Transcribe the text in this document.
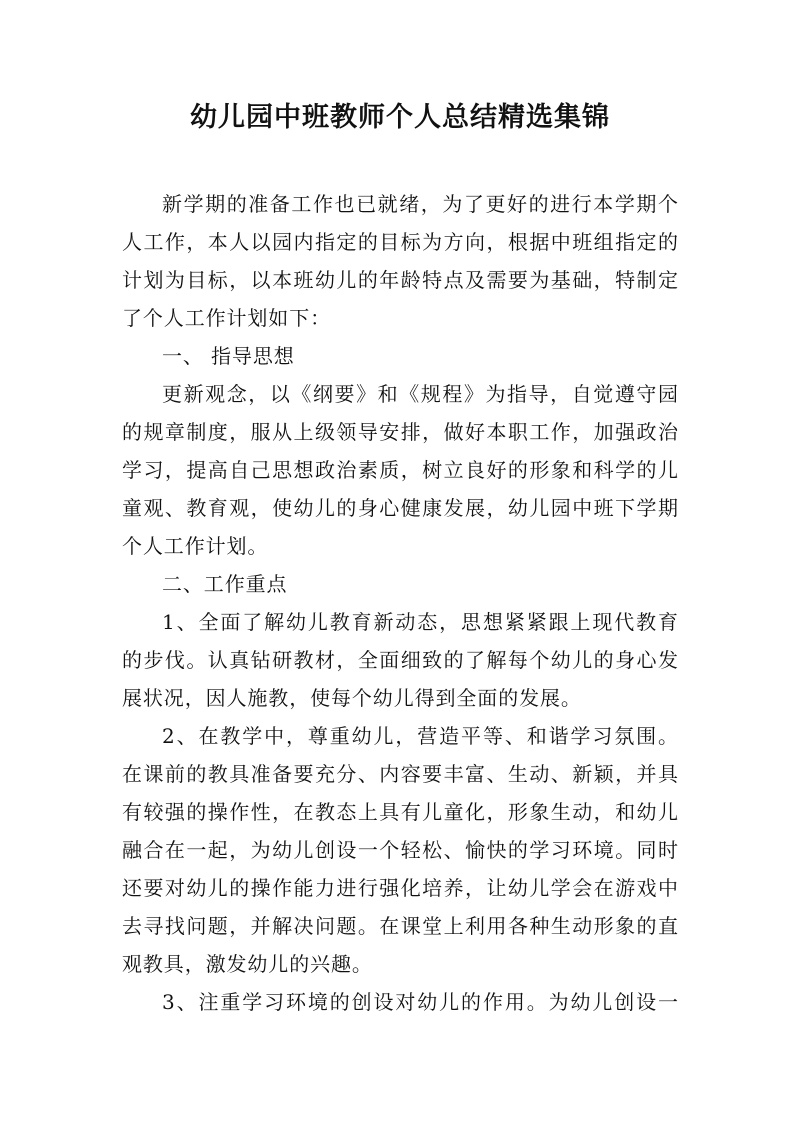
幼儿园中班教师个人总结精选集锦
新学期的准备工作也已就绪，为了更好的进行本学期个
人工作，本人以园内指定的目标为方向，根据中班组指定的
计划为目标，以本班幼儿的年龄特点及需要为基础，特制定
了个人工作计划如下：
一、 指导思想
更新观念，以《纲要》和《规程》为指导，自觉遵守园
的规章制度，服从上级领导安排，做好本职工作，加强政治
学习，提高自己思想政治素质，树立良好的形象和科学的儿
童观、教育观，使幼儿的身心健康发展，幼儿园中班下学期
个人工作计划。
二、工作重点
1、全面了解幼儿教育新动态，思想紧紧跟上现代教育
的步伐。认真钻研教材，全面细致的了解每个幼儿的身心发
展状况，因人施教，使每个幼儿得到全面的发展。
2、在教学中，尊重幼儿，营造平等、和谐学习氛围。
在课前的教具准备要充分、内容要丰富、生动、新颖，并具
有较强的操作性，在教态上具有儿童化，形象生动，和幼儿
融合在一起，为幼儿创设一个轻松、愉快的学习环境。同时
还要对幼儿的操作能力进行强化培养，让幼儿学会在游戏中
去寻找问题，并解决问题。在课堂上利用各种生动形象的直
观教具，激发幼儿的兴趣。
3、注重学习环境的创设对幼儿的作用。为幼儿创设一
